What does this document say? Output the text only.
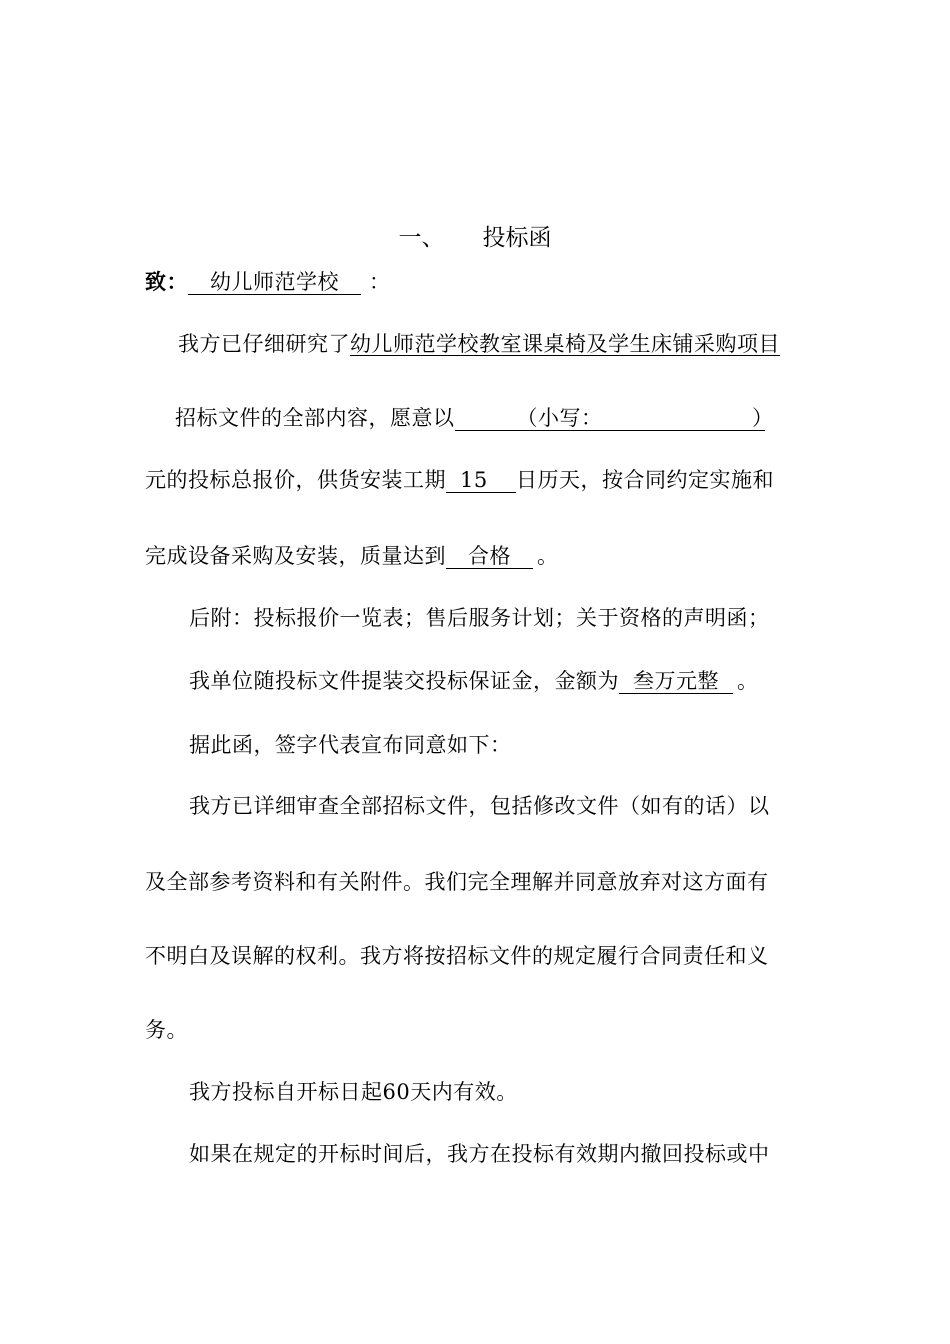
一、 投标函
致： 幼儿师范学校 ：
我方已仔细研究了幼儿师范学校教室课桌椅及学生床铺采购项目
招标文件的全部内容，愿意以	（小写：	）
元的投标总报价，供货安装工期 15 日历天，按合同约定实施和
完成设备采购及安装，质量达到 合格 。
后附：投标报价一览表；售后服务计划；关于资格的声明函；
我单位随投标文件提装交投标保证金，金额为 叁万元整 。
据此函，签字代表宣布同意如下：
我方已详细审查全部招标文件，包括修改文件（如有的话）以
及全部参考资料和有关附件。我们完全理解并同意放弃对这方面有
不明白及误解的权利。我方将按招标文件的规定履行合同责任和义
务。
我方投标自开标日起60天内有效。
如果在规定的开标时间后，我方在投标有效期内撤回投标或中
